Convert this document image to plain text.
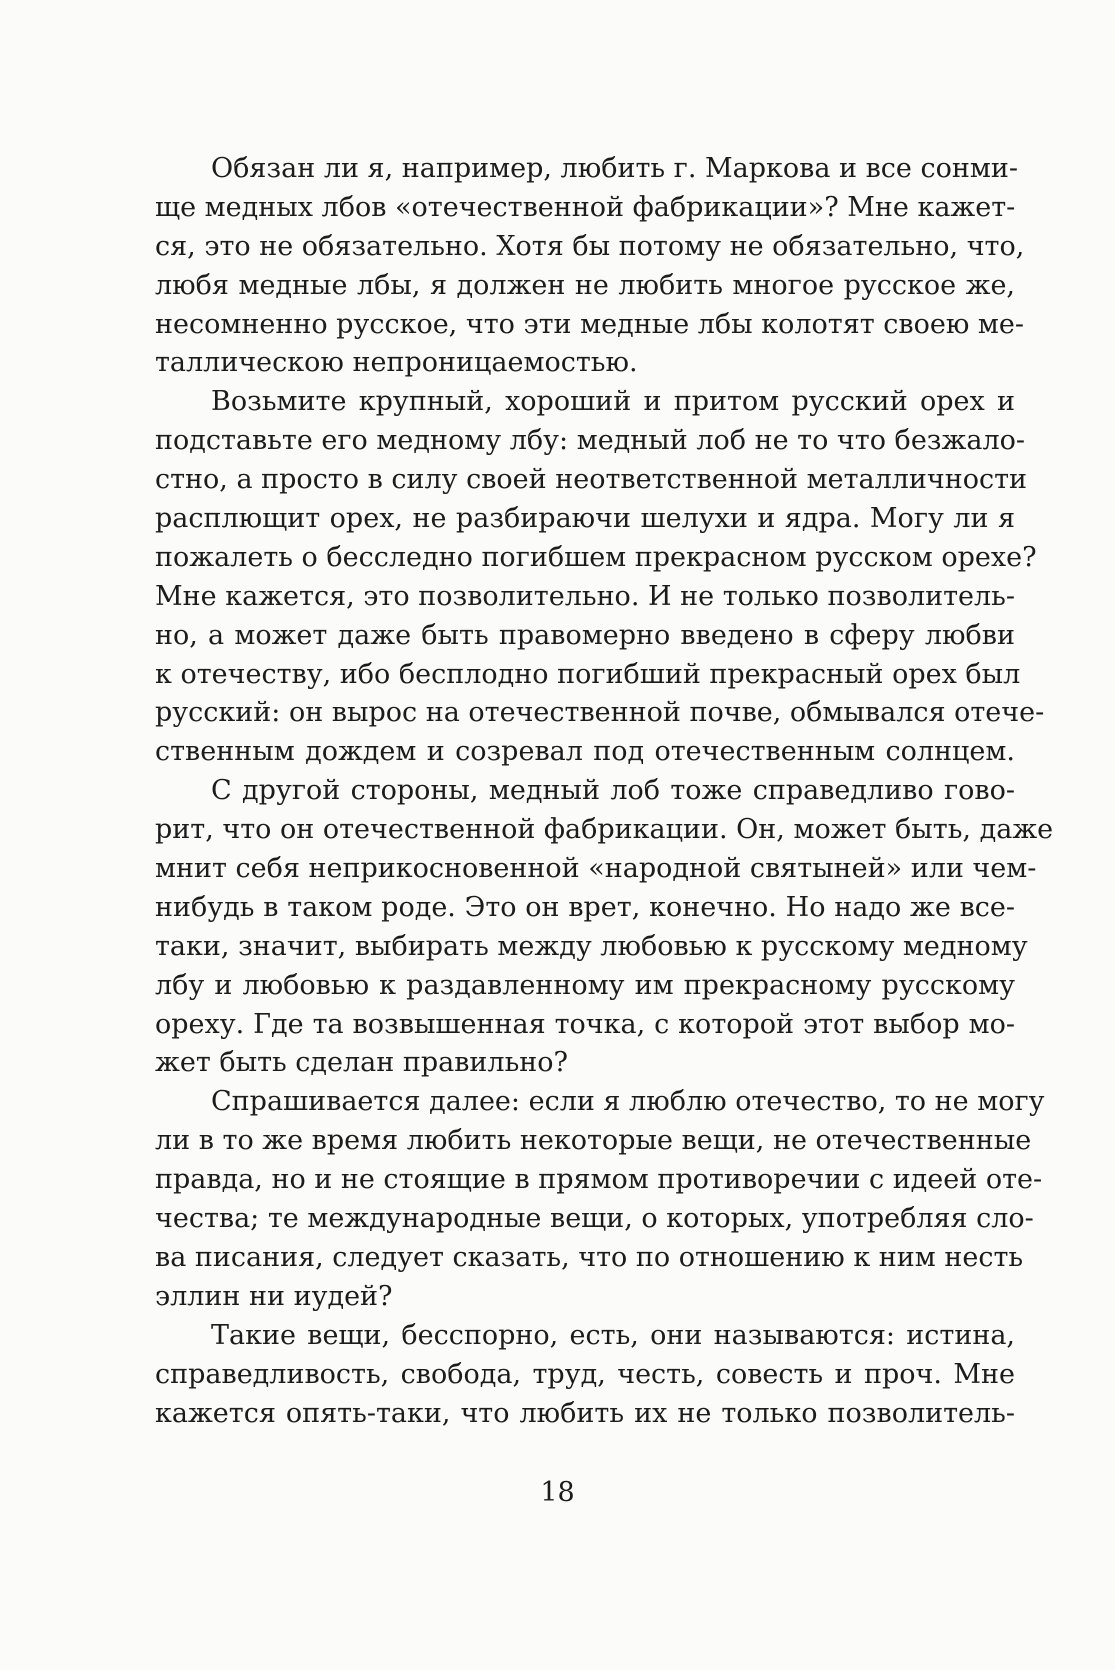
Обязан ли я, например, любить г. Маркова и все сонми-
ще медных лбов «отечественной фабрикации»? Мне кажет-
ся, это не обязательно. Хотя бы потому не обязательно, что,
любя медные лбы, я должен не любить многое русское же,
несомненно русское, что эти медные лбы колотят своею ме-
таллическою непроницаемостью.
Возьмите крупный, хороший и притом русский орех и
подставьте его медному лбу: медный лоб не то что безжало-
стно, а просто в силу своей неответственной металличности
расплющит орех, не разбираючи шелухи и ядра. Могу ли я
пожалеть о бесследно погибшем прекрасном русском орехе?
Мне кажется, это позволительно. И не только позволитель-
но, а может даже быть правомерно введено в сферу любви
к отечеству, ибо бесплодно погибший прекрасный орех был
русский: он вырос на отечественной почве, обмывался отече-
ственным дождем и созревал под отечественным солнцем.
С другой стороны, медный лоб тоже справедливо гово-
рит, что он отечественной фабрикации. Он, может быть, даже
мнит себя неприкосновенной «народной святыней» или чем-
нибудь в таком роде. Это он врет, конечно. Но надо же все-
таки, значит, выбирать между любовью к русскому медному
лбу и любовью к раздавленному им прекрасному русскому
ореху. Где та возвышенная точка, с которой этот выбор мо-
жет быть сделан правильно?
Спрашивается далее: если я люблю отечество, то не могу
ли в то же время любить некоторые вещи, не отечественные
правда, но и не стоящие в прямом противоречии с идеей оте-
чества; те международные вещи, о которых, употребляя сло-
ва писания, следует сказать, что по отношению к ним несть
эллин ни иудей?
Такие вещи, бесспорно, есть, они называются: истина,
справедливость, свобода, труд, честь, совесть и проч. Мне
кажется опять-таки, что любить их не только позволитель-
18
